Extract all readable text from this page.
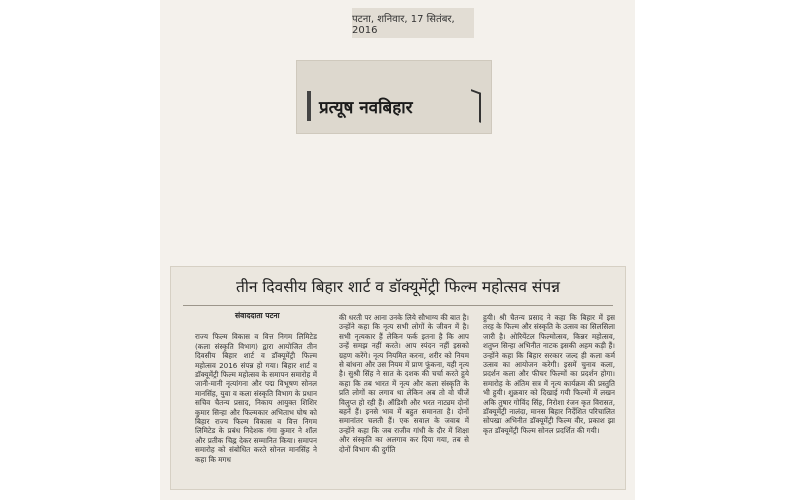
पटना, शनिवार, 17 सितंबर, 2016
प्रत्यूष नवबिहार
तीन दिवसीय बिहार शार्ट व डॉक्यूमेंट्री फिल्म महोत्सव संपन्न
संवाददाता पटना
राज्य फिल्म विकास व वित्त निगम लिमिटेड (कला संस्कृति विभाग) द्वारा आयोजित तीन दिवसीय बिहार शार्ट व डॉक्यूमेंट्री फिल्म महोत्सव 2016 संपन्न हो गया। बिहार शार्ट व डॉक्यूमेंट्री फिल्म महोत्सव के समापन समारोह में जानी-मानी नृत्यांगना और पद्म विभूषण सोनल मानसिंह, युवा व कला संस्कृति विभाग के प्रधान सचिव चैतन्य प्रसाद, निकाय आयुक्त शिशिर कुमार सिन्हा और फिल्मकार अभिताभ घोष को बिहार राज्य फिल्म विकास व वित्त निगम लिमिटेड के प्रबंध निदेशक गंगा कुमार ने शॉल और प्रतीक चिह्न देकर सम्मानित किया। समापन समारोह को संबोधित करते सोनल मानसिंह ने कहा कि मगध
की धरती पर आना उनके लिये सौभाग्य की बात है। उन्होंने कहा कि नृत्य सभी लोगों के जीवन में है। सभी नृत्यकार हैं लेकिन फर्क इतना है कि आप उन्हें समझ नहीं करते। आप स्पंदन नहीं इसको ग्रहण करेंगे। नृत्य नियमित करना, शरीर को नियम से बांधना और उस नियम में प्राण फूंकना, यही नृत्य है। सुश्री सिंह ने सात के दशक की चर्चा करते हुये कहा कि तब भारत में नृत्य और कला संस्कृति के प्रति लोगों का लगाव था लेकिन अब तो वो चीजें विलुप्त हो रही हैं। ऑडिशी और भरत नाट्यम दोनों बहनें हैं। इनसे भाव में बहुत समानता है। दोनों समानांतर चलती हैं। एक सवाल के जवाब में उन्होंने कहा कि जब राजीव गांधी के दौर में शिक्षा और संस्कृति का अलगाव कर दिया गया, तब से दोनों विभाग की दुर्गति
हुयी। श्री चैतन्य प्रसाद ने कहा कि बिहार में इस तरह के फिल्म और संस्कृति के उत्सव का सिलसिला जारी है। ओरियेंटल फिल्मोत्सव, किन्नर महोत्सव, शतुघ्न सिन्हा अभिनीत नाटक इसकी अहम कड़ी हैं। उन्होंने कहा कि बिहार सरकार जल्द ही कला कर्म उत्सव का आयोजन करेगी। इसमें चुनाव कला, प्रदर्शन कला और फीचर फिल्मों का प्रदर्शन होगा। समारोह के अंतिम सत्र में नृत्य कार्यक्रम की प्रस्तुति भी हुयी। शुक्रवार को दिखाई गयी फिल्मों में लखन अकि तुषार गोविंद सिंह, निरोशा रंजन कृत विरासत, डॉक्यूमेंट्री नालंदा, मानस बिहार निर्देशित परिचालित सोपखा अभिनीत डॉक्यूमेंट्री फिल्म वीर, प्रकाश झा कृत डॉक्यूमेंट्री फिल्म सोनल प्रदर्शित की गयी।
